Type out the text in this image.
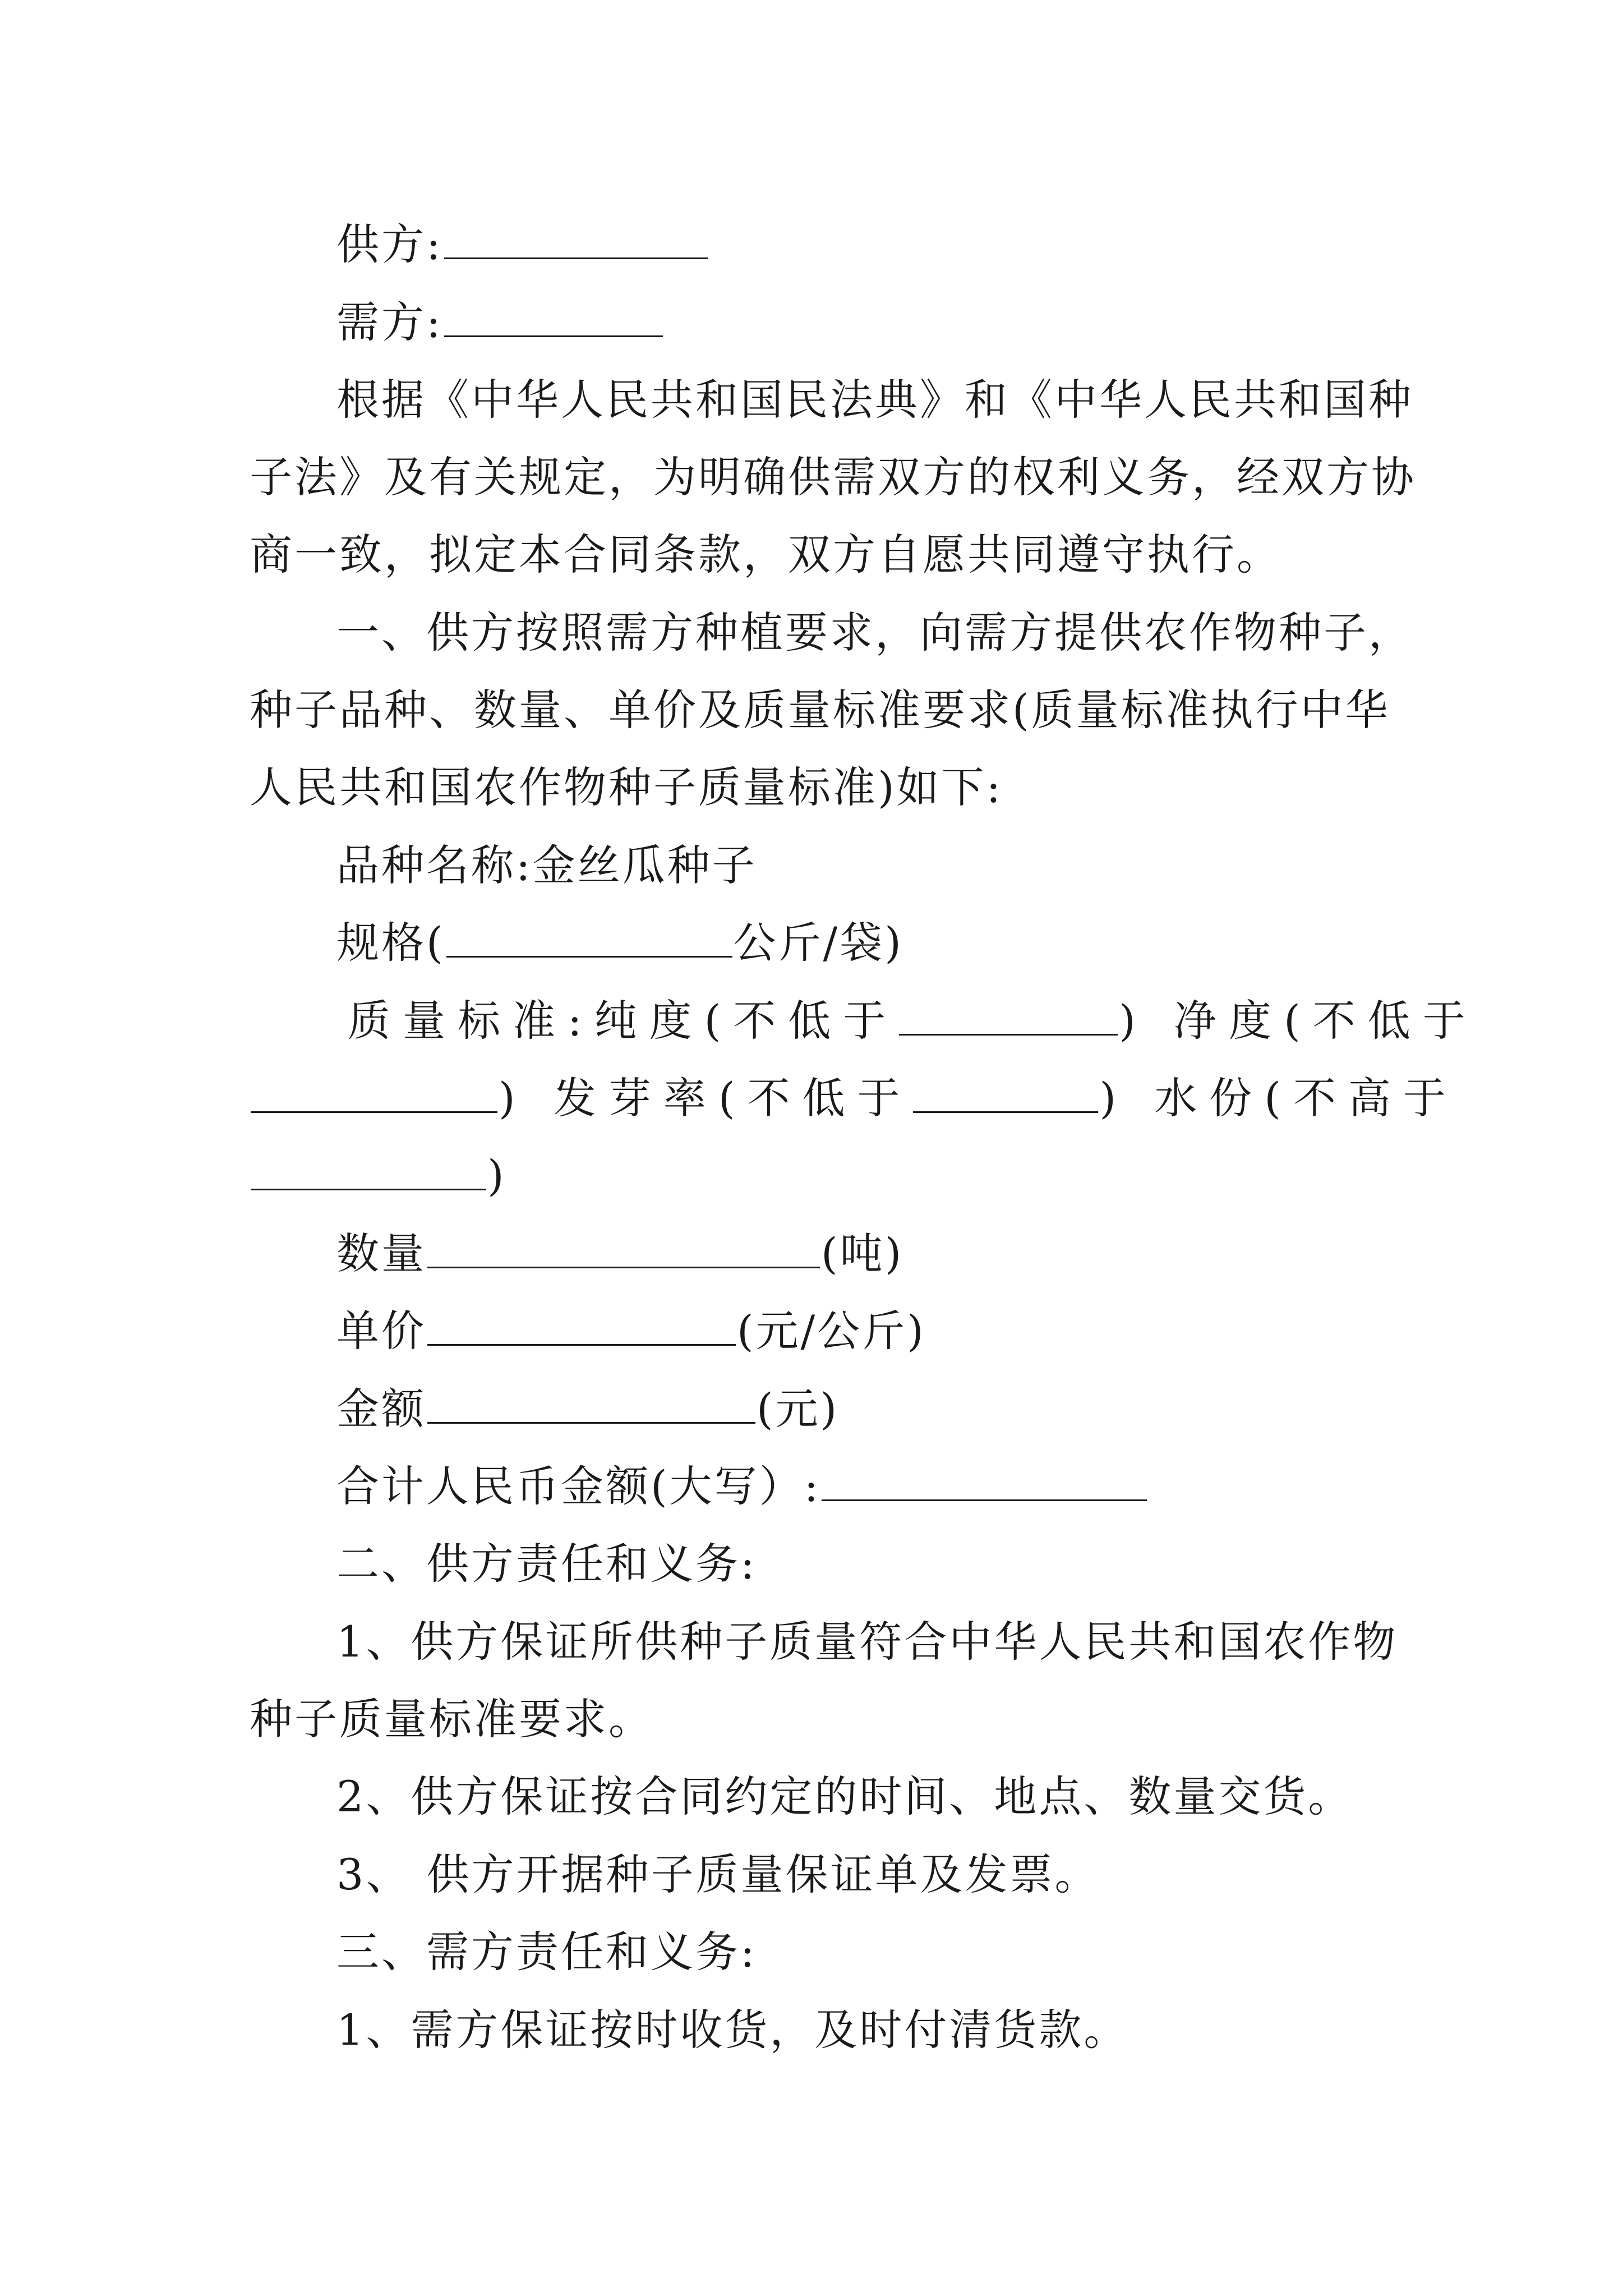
供方:
需方:
根据《中华人民共和国民法典》和《中华人民共和国种
子法》及有关规定，为明确供需双方的权利义务，经双方协
商一致，拟定本合同条款，双方自愿共同遵守执行。
一、供方按照需方种植要求，向需方提供农作物种子，
种子品种、数量、单价及质量标准要求(质量标准执行中华
人民共和国农作物种子质量标准)如下:
品种名称:金丝瓜种子
规格(	公斤/袋)
质量标准:纯度(不低于	) 净度(不低于
) 发芽率(不低于	) 水份(不高于
)
数量	(吨)
单价	(元/公斤)
金额	(元)
合计人民币金额(大写）:
二、供方责任和义务:
1、供方保证所供种子质量符合中华人民共和国农作物
种子质量标准要求。
2、供方保证按合同约定的时间、地点、数量交货。
3、 供方开据种子质量保证单及发票。
三、需方责任和义务:
1、需方保证按时收货，及时付清货款。
